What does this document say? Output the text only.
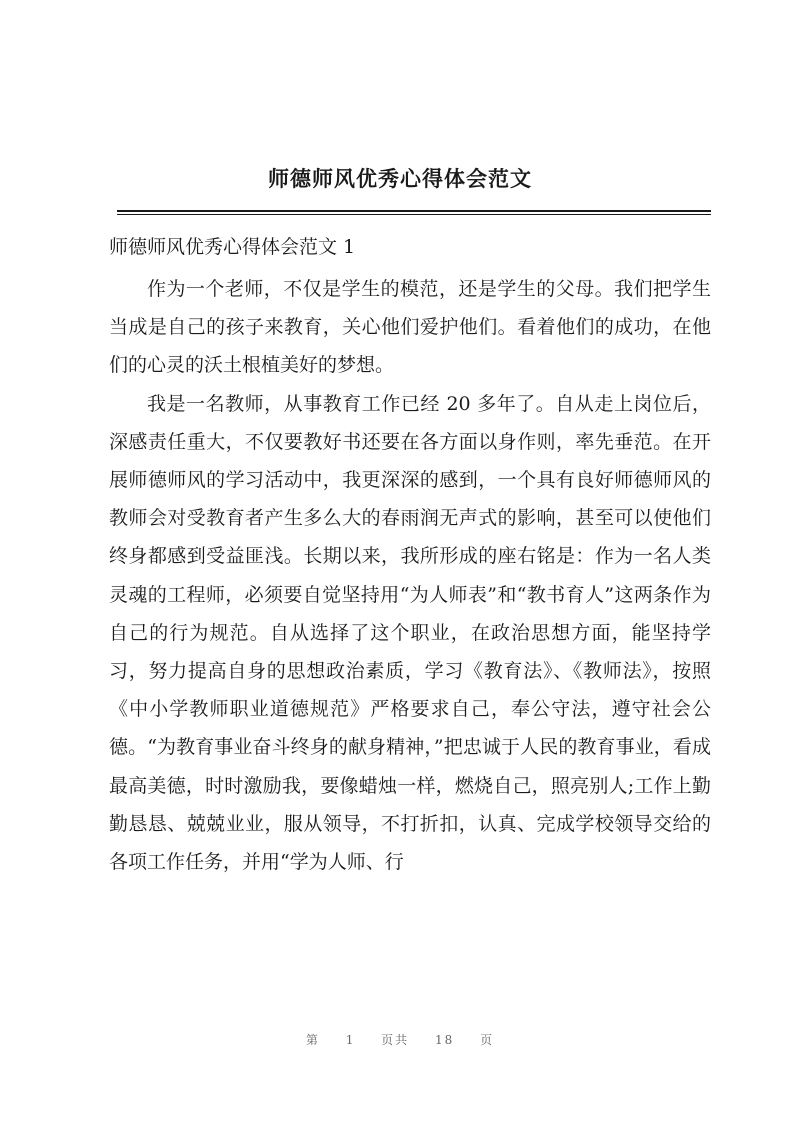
师德师风优秀心得体会范文

师德师风优秀心得体会范文 1

作为一个老师，不仅是学生的模范，还是学生的父母。我们把学生当成是自己的孩子来教育，关心他们爱护他们。看着他们的成功，在他们的心灵的沃土根植美好的梦想。

我是一名教师，从事教育工作已经 20 多年了。自从走上岗位后，深感责任重大，不仅要教好书还要在各方面以身作则，率先垂范。在开展师德师风的学习活动中，我更深深的感到，一个具有良好师德师风的教师会对受教育者产生多么大的春雨润无声式的影响，甚至可以使他们终身都感到受益匪浅。长期以来，我所形成的座右铭是：作为一名人类灵魂的工程师，必须要自觉坚持用“为人师表”和“教书育人”这两条作为自己的行为规范。自从选择了这个职业，在政治思想方面，能坚持学习，努力提高自身的思想政治素质，学习《教育法》、《教师法》，按照《中小学教师职业道德规范》严格要求自己，奉公守法，遵守社会公德。“为教育事业奋斗终身的献身精神，”把忠诚于人民的教育事业，看成最高美德，时时激励我，要像蜡烛一样，燃烧自己，照亮别人;工作上勤勤恳恳、兢兢业业，服从领导，不打折扣，认真、完成学校领导交给的各项工作任务，并用“学为人师、行

第 1 页共 18 页
